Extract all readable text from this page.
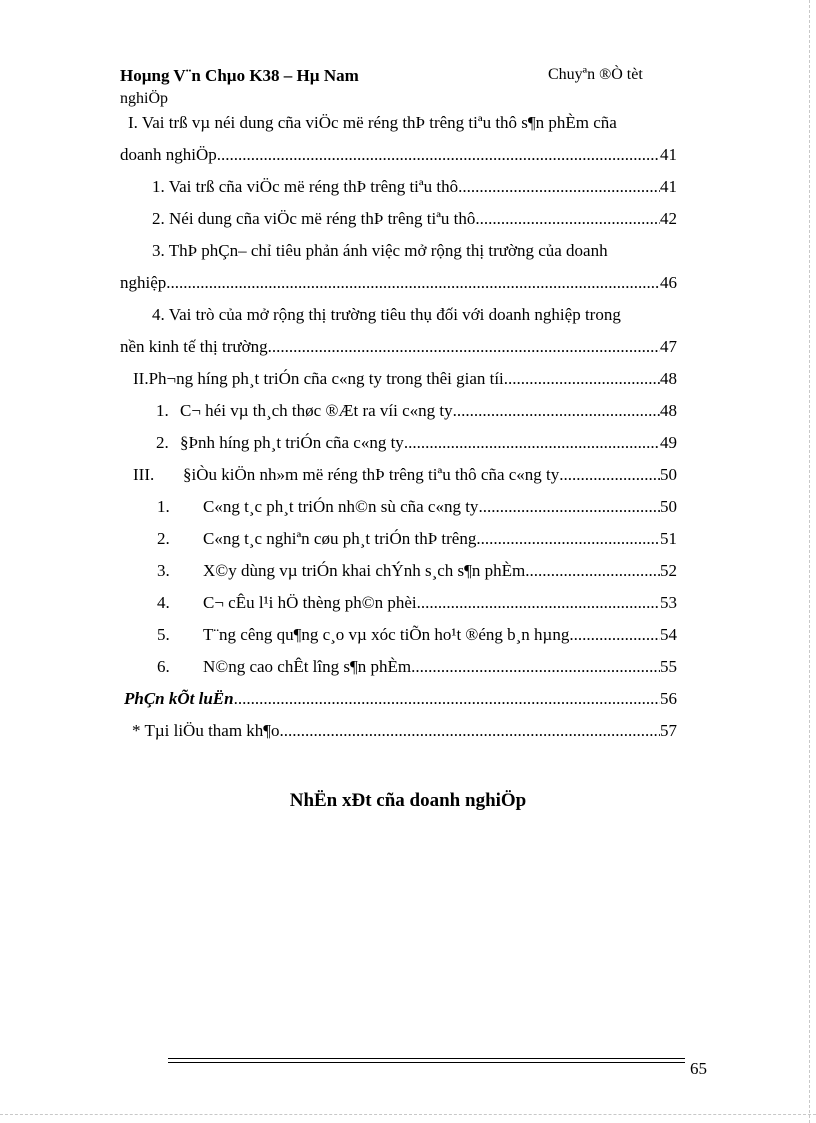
Hoµng V¨n Chµo K38 – Hµ Nam	Chuyªn ®Ò tèt
nghiÖp
I. Vai trß vµ néi dung cña viÖc më réng thÞ trêng tiªu thô s¶n phÈm cña
doanh nghiÖp .....	41
1. Vai trß cña viÖc më réng thÞ trêng tiªu thô .....	41
2. Néi dung cña viÖc më réng thÞ trêng tiªu thô .....	42
3. ThÞ phÇn– chỉ tiêu phản ánh việc mở rộng thị trường của doanh
nghiệp .....	46
4. Vai trò của mở rộng thị trường tiêu thụ đối với doanh nghiệp trong
nền kinh tế thị trường .....	47
II.Ph¬ng híng ph¸t triÓn cña c«ng ty trong thêi gian tíi .....	48
1. C¬ héi vµ th¸ch thøc ®Æt ra víi c«ng ty .....	48
2. §Þnh híng ph¸t triÓn cña c«ng ty .....	49
III.	§iÒu kiÖn nh»m më réng thÞ trêng tiªu thô cña c«ng ty .....	50
1.	C«ng t¸c ph¸t triÓn nh©n sù cña c«ng ty .....	50
2.	C«ng t¸c nghiªn cøu ph¸t triÓn thÞ trêng .....	51
3.	X©y dùng vµ triÓn khai chÝnh s¸ch s¶n phÈm .....	52
4.	C¬ cÊu l¹i hÖ thèng ph©n phèi .....	53
5.	T¨ng cêng qu¶ng c¸o vµ xóc tiÕn ho¹t ®éng b¸n hµng .....	54
6.	N©ng cao chÊt lîng s¶n phÈm .....	55
PhÇn kÕt luËn .....	56
* Tµi liÖu tham kh¶o .....	57
NhËn xÐt cña doanh nghiÖp
65
